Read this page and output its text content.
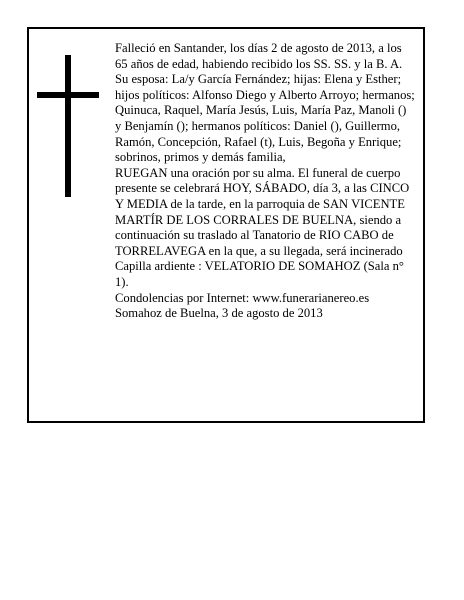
Falleció en Santander, los días 2 de agosto de 2013, a los 65 años de edad, habiendo recibido los SS. SS. y la B. A.

Su esposa: La/y García Fernández; hijas: Elena y Esther; hijos políticos: Alfonso Diego y Alberto Arroyo; hermanos; Quinuca, Raquel, María Jesús, Luis, María Paz, Manoli () y Benjamín (); hermanos políticos: Daniel (), Guillermo, Ramón, Concepción, Rafael (t), Luis, Begoña y Enrique; sobrinos, primos y demás familia,

RUEGAN una oración por su alma. El funeral de cuerpo presente se celebrará HOY, SÁBADO, día 3, a las CINCO Y MEDIA de la tarde, en la parroquia de SAN VICENTE MARTÍR DE LOS CORRALES DE BUELNA, siendo a continuación su traslado al Tanatorio de RIO CABO de TORRELAVEGA en la que, a su llegada, será incinerado Capilla ardiente : VELATORIO DE SOMAHOZ (Sala n° 1).

Condolencias por Internet: www.funerarianereo.es

Somahoz de Buelna, 3 de agosto de 2013
